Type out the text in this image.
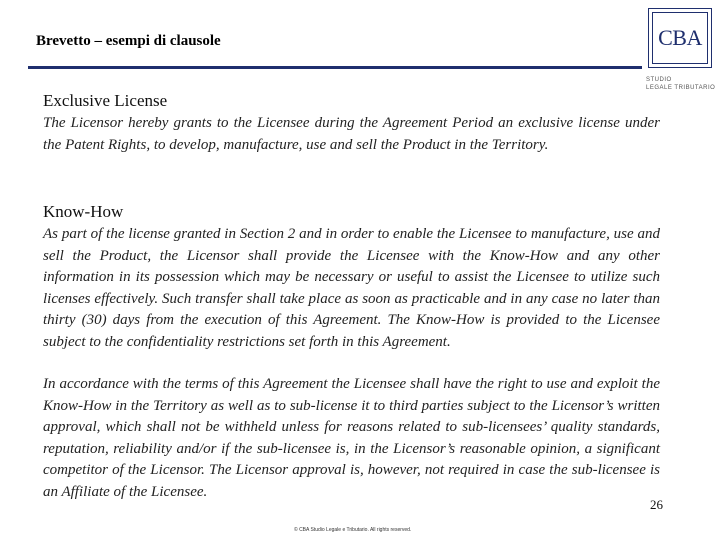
Brevetto – esempi di clausole	CBA
STUDIO
LEGALE TRIBUTARIO
Exclusive License
The Licensor hereby grants to the Licensee during the Agreement Period an exclusive license under the Patent Rights, to develop, manufacture, use and sell the Product in the Territory.
Know-How
As part of the license granted in Section 2 and in order to enable the Licensee to manufacture, use and sell the Product, the Licensor shall provide the Licensee with the Know-How and any other information in its possession which may be necessary or useful to assist the Licensee to utilize such licenses effectively. Such transfer shall take place as soon as practicable and in any case no later than thirty (30) days from the execution of this Agreement. The Know-How is provided to the Licensee subject to the confidentiality restrictions set forth in this Agreement.
In accordance with the terms of this Agreement the Licensee shall have the right to use and exploit the Know-How in the Territory as well as to sub-license it to third parties subject to the Licensor’s written approval, which shall not be withheld unless for reasons related to sub-licensees’ quality standards, reputation, reliability and/or if the sub-licensee is, in the Licensor’s reasonable opinion, a significant competitor of the Licensor. The Licensor approval is, however, not required in case the sub-licensee is an Affiliate of the Licensee.
26
© CBA Studio Legale e Tributario. All rights reserved.
